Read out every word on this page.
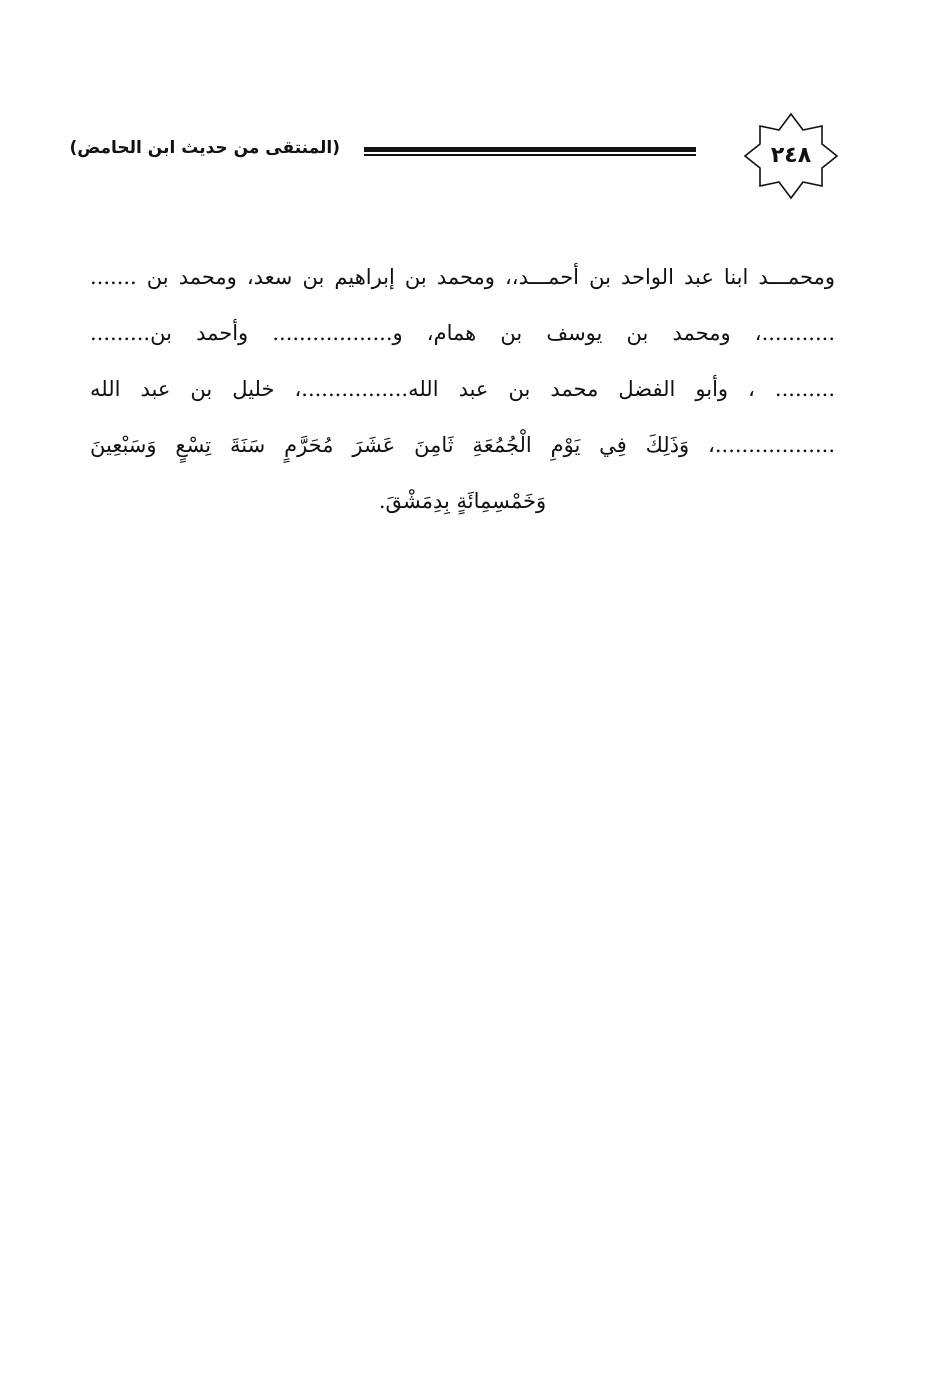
٢٤٨
(المنتقى من حديث ابن الحامض)
ومحمـــد ابنا عبد الواحد بن أحمـــد،، ومحمد بن إبراهيم بن سعد، ومحمد بن .......
...........، ومحمد بن يوسف بن همام، و.................. وأحمد بن.........
......... ، وأبو الفضل محمد بن عبد الله................، خليل بن عبد الله
..................، وَذَلِكَ فِي يَوْمِ الْجُمُعَةِ ثَامِنَ عَشَرَ مُحَرَّمٍ سَنَةَ تِسْعٍ وَسَبْعِينَ
وَخَمْسِمِائَةٍ بِدِمَشْقَ.
